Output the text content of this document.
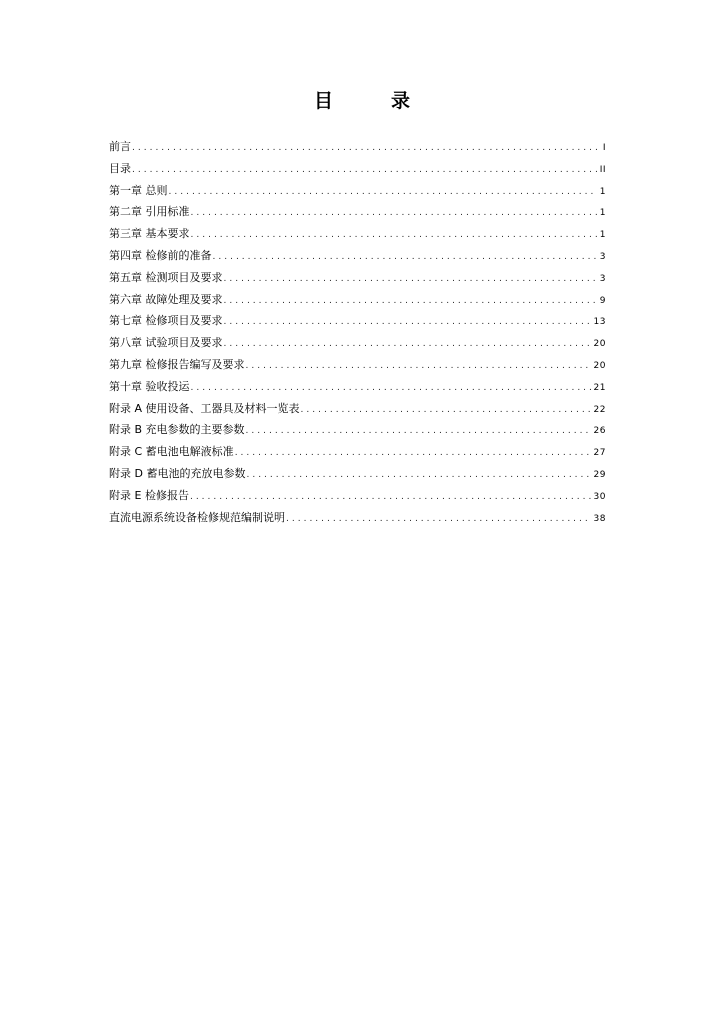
目	录
前言 .....	I
目录 .....	II
第一章 总则 .....	1
第二章 引用标准 .....	1
第三章 基本要求 .....	1
第四章 检修前的准备 .....	3
第五章 检测项目及要求 .....	3
第六章 故障处理及要求 .....	9
第七章 检修项目及要求 .....	13
第八章 试验项目及要求 .....	20
第九章 检修报告编写及要求 .....	20
第十章 验收投运 .....	21
附录 A 使用设备、工器具及材料一览表 .....	22
附录 B 充电参数的主要参数 .....	26
附录 C 蓄电池电解液标准 .....	27
附录 D 蓄电池的充放电参数 .....	29
附录 E 检修报告 .....	30
直流电源系统设备检修规范编制说明 .....	38
